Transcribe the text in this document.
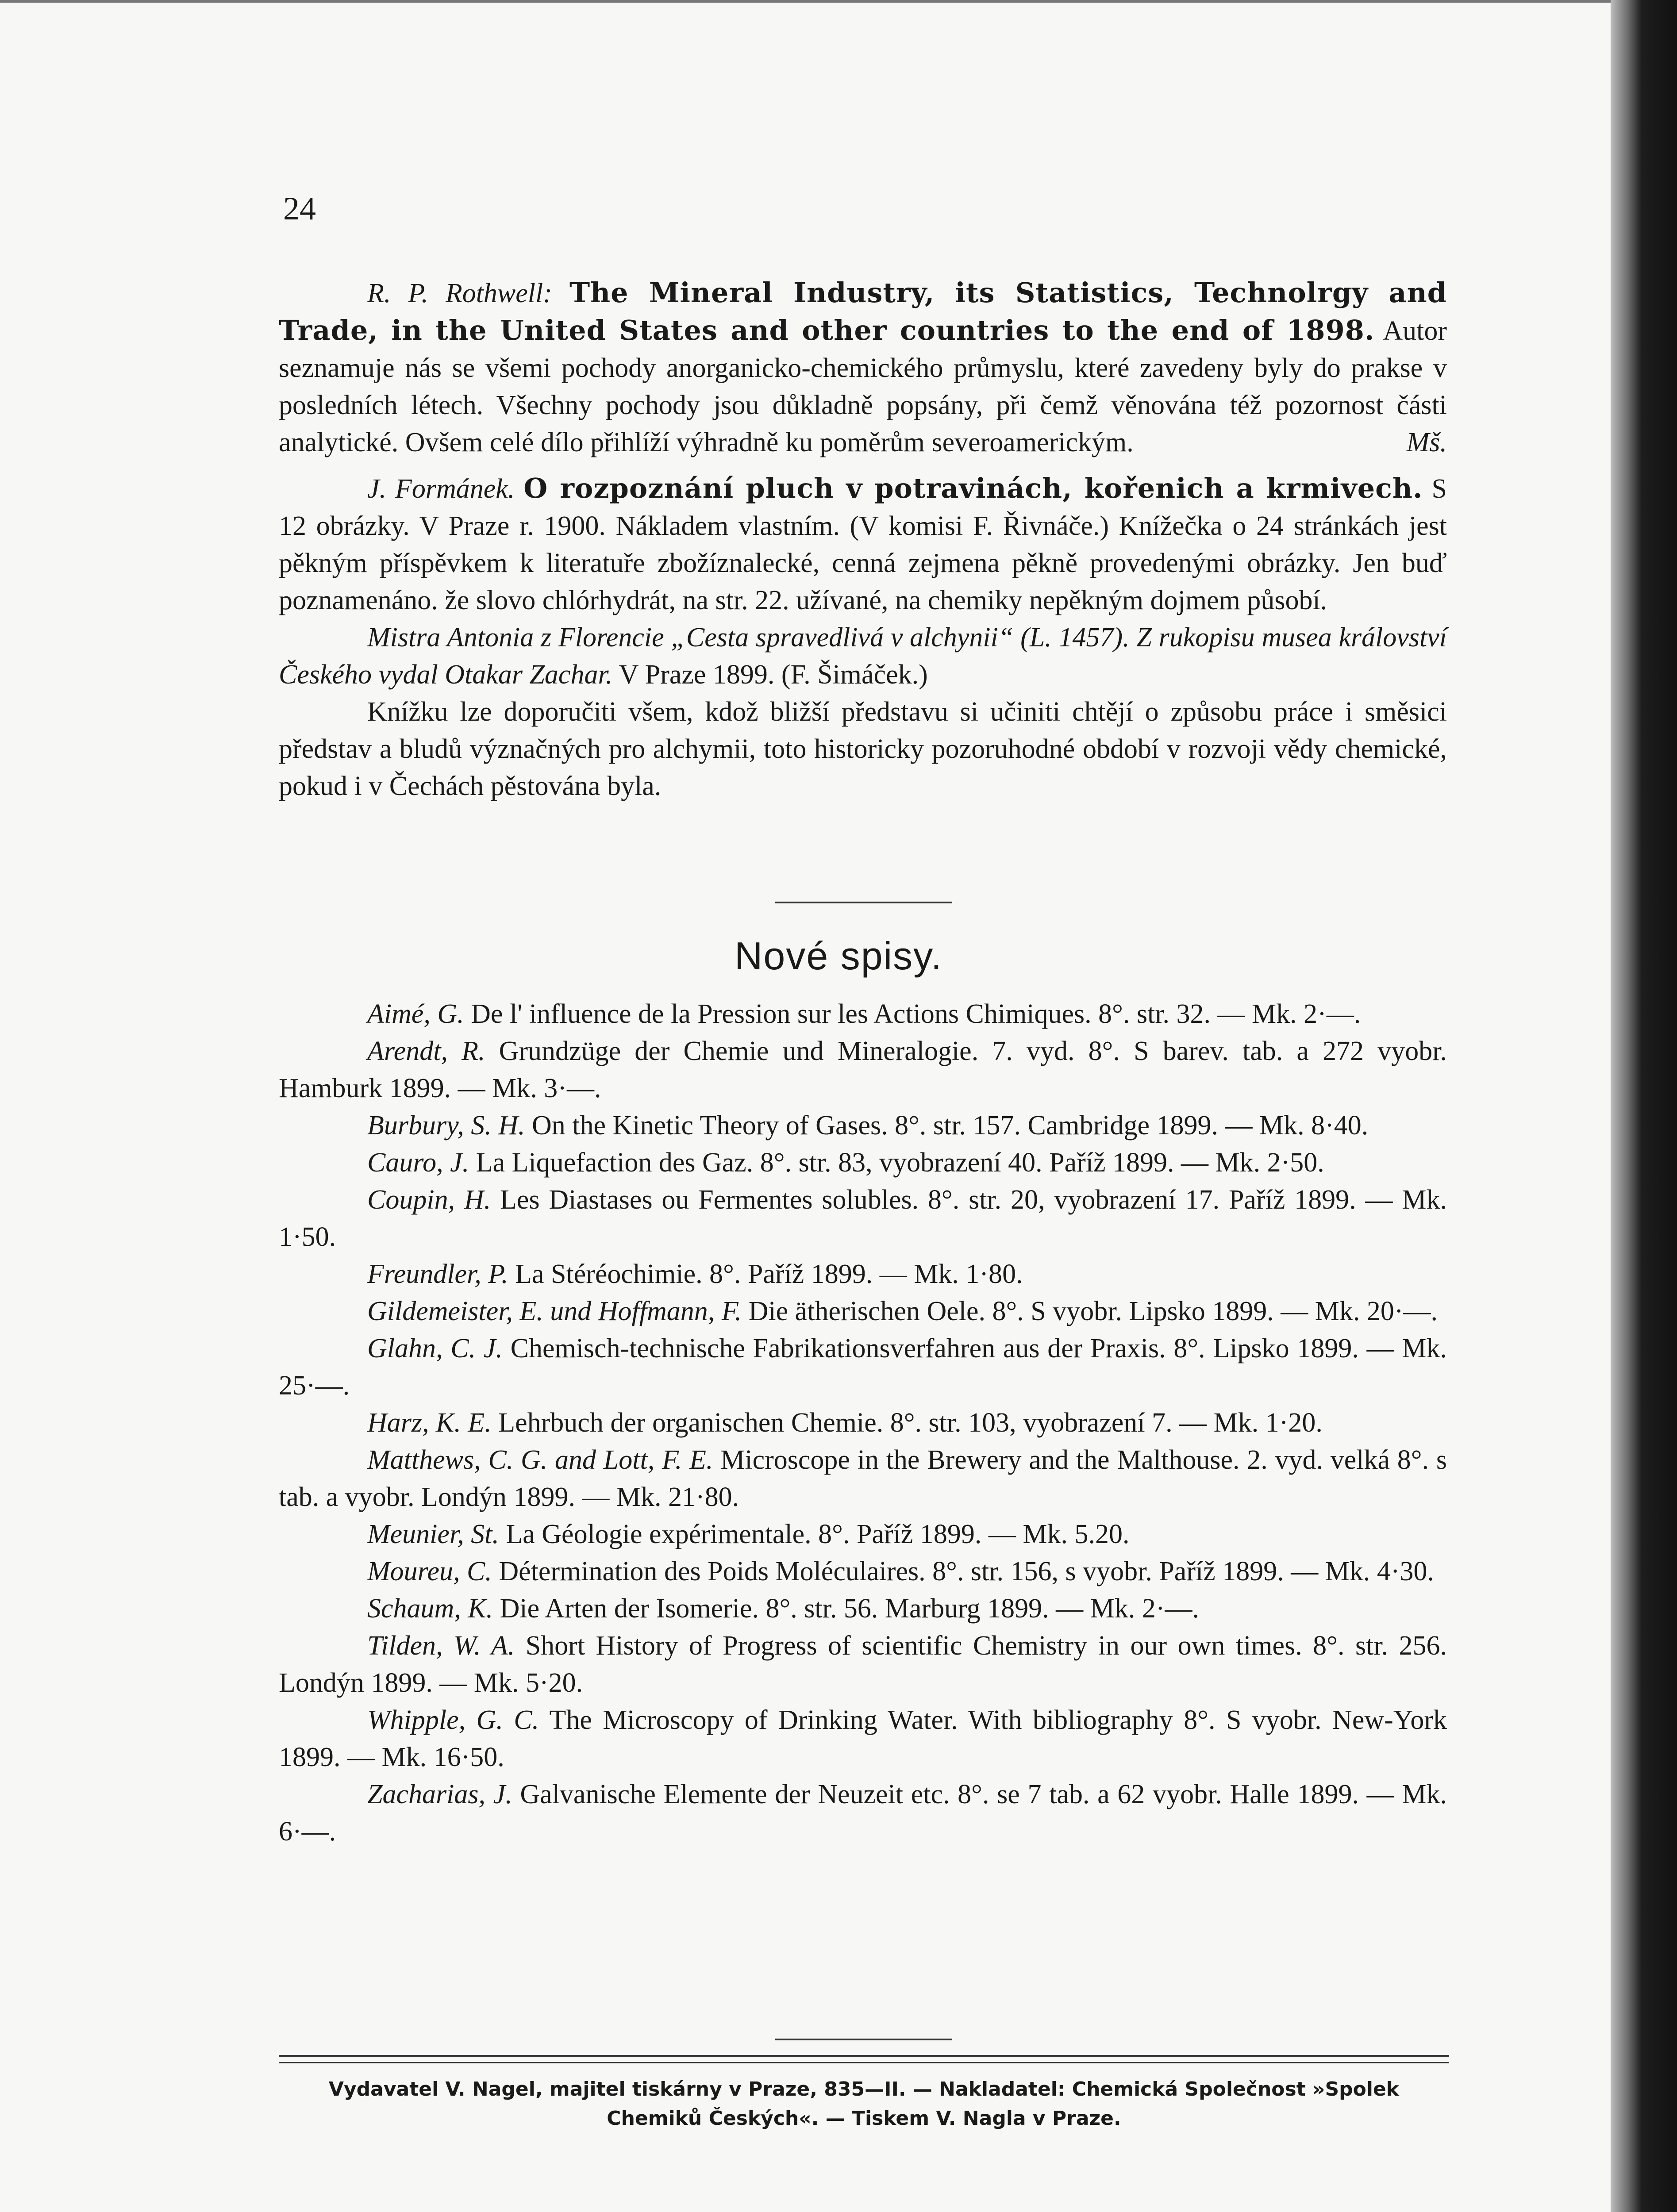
24

R. P. Rothwell: The Mineral Industry, its Statistics, Technolrgy and Trade, in the United States and other countries to the end of 1898. Autor seznamuje nás se všemi pochody anorganicko-chemického průmyslu, které zavedeny byly do prakse v posledních létech. Všechny pochody jsou důkladně popsány, při čemž věnována též pozornost části analytické. Ovšem celé dílo přihlíží výhradně ku poměrům severoamerickým.	Mš.

J. Formánek. O rozpoznání pluch v potravinách, kořenich a krmivech. S 12 obrázky. V Praze r. 1900. Nákladem vlastním. (V komisi F. Řivnáče.) Knížečka o 24 stránkách jest pěkným příspěvkem k literatuře zbožíznalecké, cenná zejmena pěkně provedenými obrázky. Jen buď poznamenáno. že slovo chlórhydrát, na str. 22. užívané, na chemiky nepěkným dojmem působí.

Mistra Antonia z Florencie „Cesta spravedlivá v alchynii“ (L. 1457). Z rukopisu musea království Českého vydal Otakar Zachar. V Praze 1899. (F. Šimáček.)

Knížku lze doporučiti všem, kdož bližší představu si učiniti chtějí o způsobu práce i směsici představ a bludů význačných pro alchymii, toto historicky pozoruhodné období v rozvoji vědy chemické, pokud i v Čechách pěstována byla.

Nové spisy.

Aimé, G. De l' influence de la Pression sur les Actions Chimiques. 8°. str. 32. — Mk. 2·—.

Arendt, R. Grundzüge der Chemie und Mineralogie. 7. vyd. 8°. S barev. tab. a 272 vyobr. Hamburk 1899. — Mk. 3·—.

Burbury, S. H. On the Kinetic Theory of Gases. 8°. str. 157. Cambridge 1899. — Mk. 8·40.

Cauro, J. La Liquefaction des Gaz. 8°. str. 83, vyobrazení 40. Paříž 1899. — Mk. 2·50.

Coupin, H. Les Diastases ou Fermentes solubles. 8°. str. 20, vyobrazení 17. Paříž 1899. — Mk. 1·50.

Freundler, P. La Stéréochimie. 8°. Paříž 1899. — Mk. 1·80.

Gildemeister, E. und Hoffmann, F. Die ätherischen Oele. 8°. S vyobr. Lipsko 1899. — Mk. 20·—.

Glahn, C. J. Chemisch-technische Fabrikationsverfahren aus der Praxis. 8°. Lipsko 1899. — Mk. 25·—.

Harz, K. E. Lehrbuch der organischen Chemie. 8°. str. 103, vyobrazení 7. — Mk. 1·20.

Matthews, C. G. and Lott, F. E. Microscope in the Brewery and the Malthouse. 2. vyd. velká 8°. s tab. a vyobr. Londýn 1899. — Mk. 21·80.

Meunier, St. La Géologie expérimentale. 8°. Paříž 1899. — Mk. 5.20.

Moureu, C. Détermination des Poids Moléculaires. 8°. str. 156, s vyobr. Paříž 1899. — Mk. 4·30.

Schaum, K. Die Arten der Isomerie. 8°. str. 56. Marburg 1899. — Mk. 2·—.

Tilden, W. A. Short History of Progress of scientific Chemistry in our own times. 8°. str. 256. Londýn 1899. — Mk. 5·20.

Whipple, G. C. The Microscopy of Drinking Water. With bibliography 8°. S vyobr. New-York 1899. — Mk. 16·50.

Zacharias, J. Galvanische Elemente der Neuzeit etc. 8°. se 7 tab. a 62 vyobr. Halle 1899. — Mk. 6·—.

Vydavatel V. Nagel, majitel tiskárny v Praze, 835—II. — Nakladatel: Chemická Společnost »Spolek
Chemiků Českých«. — Tiskem V. Nagla v Praze.
